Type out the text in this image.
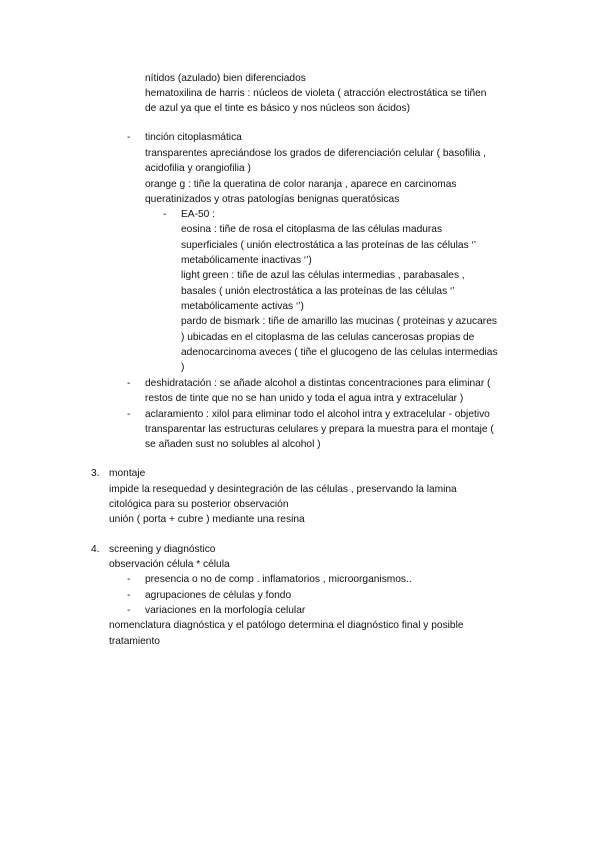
nítidos (azulado) bien diferenciados
hematoxilina de harris : núcleos de violeta ( atracción electrostática se tiñen
de azul ya que el tinte es básico y nos núcleos son ácidos)
- tinción citoplasmática
transparentes apreciándose los grados de diferenciación celular ( basofilia ,
acidofilia y orangiofilia )
orange g : tiñe la queratina de color naranja , aparece en carcinomas
queratinizados y otras patologías benignas queratósicas
- EA-50 :
eosina : tiñe de rosa el citoplasma de las células maduras
superficiales ( unión electrostática a las proteínas de las células ‘’
metabólicamente inactivas ‘’)
light green : tiñe de azul las células intermedias , parabasales ,
basales ( unión electrostática a las proteínas de las células ‘’
metabólicamente activas ‘’)
pardo de bismark : tiñe de amarillo las mucinas ( proteinas y azucares
) ubicadas en el citoplasma de las celulas cancerosas propias de
adenocarcinoma aveces ( tiñe el glucogeno de las celulas intermedias
)
- deshidratación : se añade alcohol a distintas concentraciones para eliminar (
restos de tinte que no se han unido y toda el agua intra y extracelular )
- aclaramiento : xilol para eliminar todo el alcohol intra y extracelular - objetivo
transparentar las estructuras celulares y prepara la muestra para el montaje (
se añaden sust no solubles al alcohol )
3. montaje
impide la resequedad y desintegración de las células , preservando la lamina
citológica para su posterior observación
unión ( porta + cubre ) mediante una resina
4. screening y diagnóstico
observación célula * célula
- presencia o no de comp . inflamatorios , microorganismos..
- agrupaciones de células y fondo
- variaciones en la morfología celular
nomenclatura diagnóstica y el patólogo determina el diagnóstico final y posible
tratamiento
